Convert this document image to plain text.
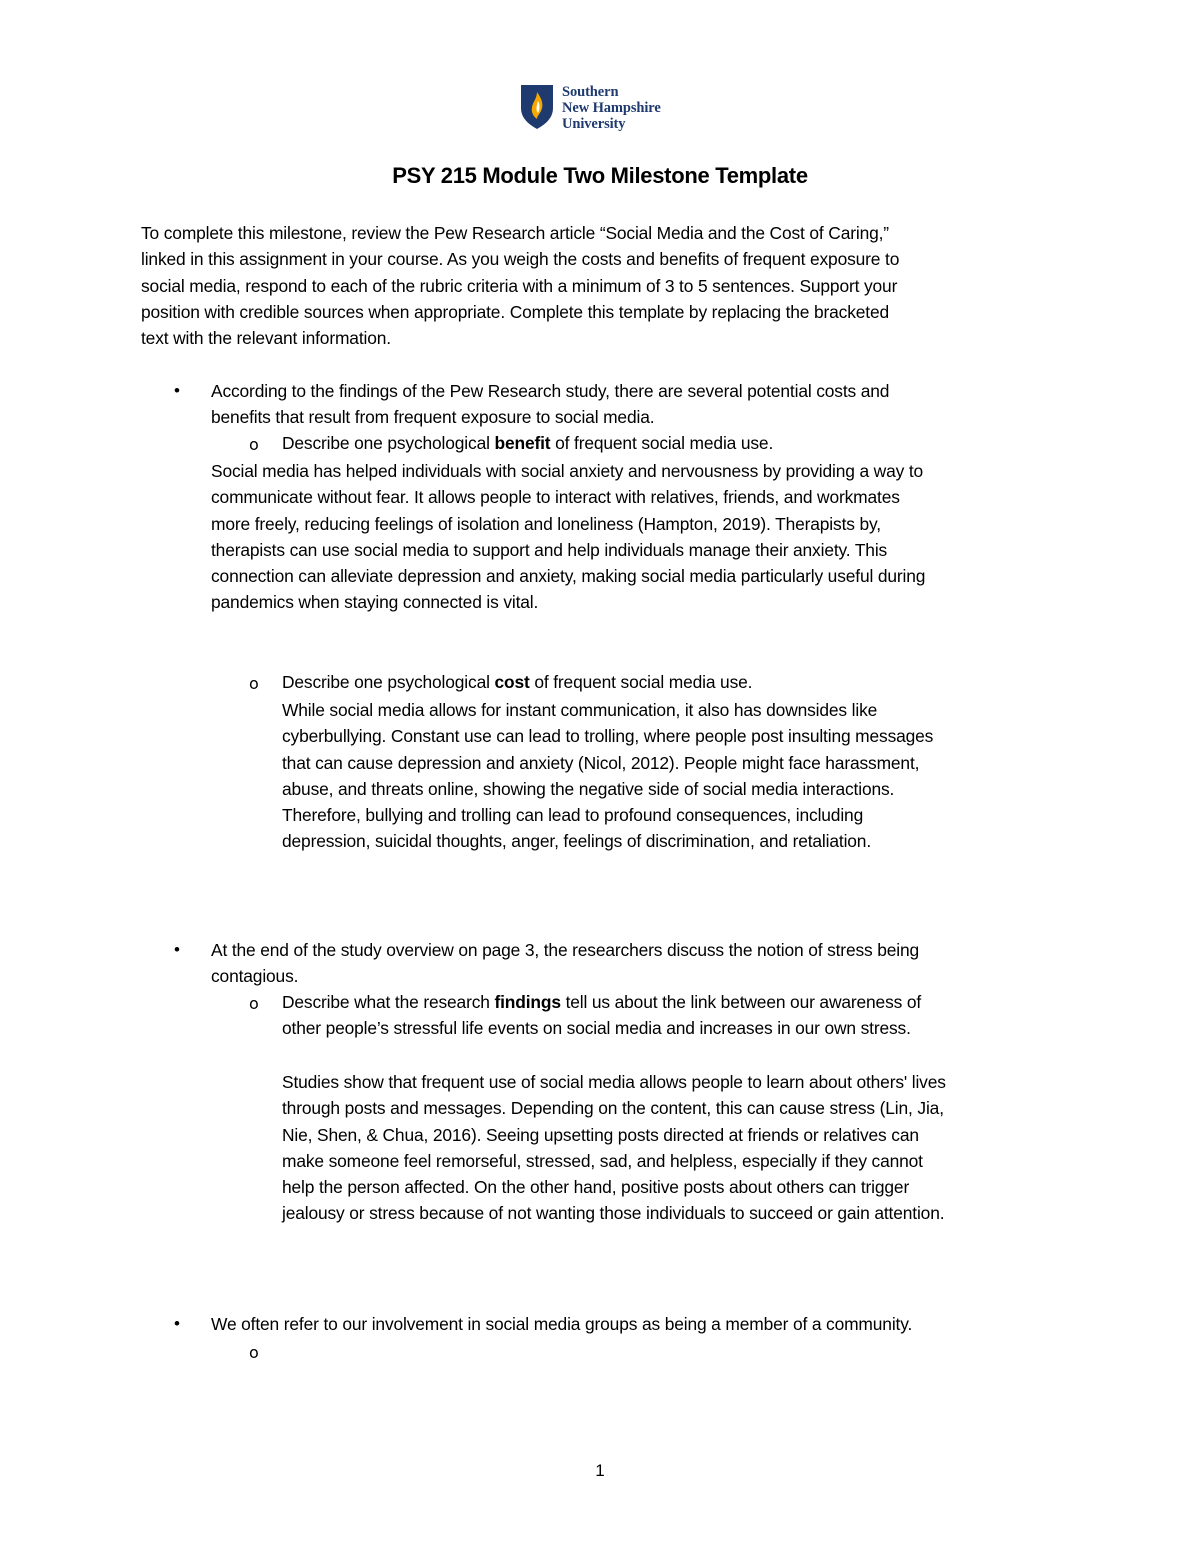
Southern
New Hampshire
University
PSY 215 Module Two Milestone Template
To complete this milestone, review the Pew Research article “Social Media and the Cost of Caring,”
linked in this assignment in your course. As you weigh the costs and benefits of frequent exposure to
social media, respond to each of the rubric criteria with a minimum of 3 to 5 sentences. Support your
position with credible sources when appropriate. Complete this template by replacing the bracketed
text with the relevant information.
• According to the findings of the Pew Research study, there are several potential costs and
benefits that result from frequent exposure to social media.
o Describe one psychological benefit of frequent social media use.
Social media has helped individuals with social anxiety and nervousness by providing a way to
communicate without fear. It allows people to interact with relatives, friends, and workmates
more freely, reducing feelings of isolation and loneliness (Hampton, 2019). Therapists by,
therapists can use social media to support and help individuals manage their anxiety. This
connection can alleviate depression and anxiety, making social media particularly useful during
pandemics when staying connected is vital.
o Describe one psychological cost of frequent social media use.
While social media allows for instant communication, it also has downsides like
cyberbullying. Constant use can lead to trolling, where people post insulting messages
that can cause depression and anxiety (Nicol, 2012). People might face harassment,
abuse, and threats online, showing the negative side of social media interactions.
Therefore, bullying and trolling can lead to profound consequences, including
depression, suicidal thoughts, anger, feelings of discrimination, and retaliation.
• At the end of the study overview on page 3, the researchers discuss the notion of stress being
contagious.
o Describe what the research findings tell us about the link between our awareness of
other people’s stressful life events on social media and increases in our own stress.
Studies show that frequent use of social media allows people to learn about others' lives
through posts and messages. Depending on the content, this can cause stress (Lin, Jia,
Nie, Shen, & Chua, 2016). Seeing upsetting posts directed at friends or relatives can
make someone feel remorseful, stressed, sad, and helpless, especially if they cannot
help the person affected. On the other hand, positive posts about others can trigger
jealousy or stress because of not wanting those individuals to succeed or gain attention.
• We often refer to our involvement in social media groups as being a member of a community.
o
1
